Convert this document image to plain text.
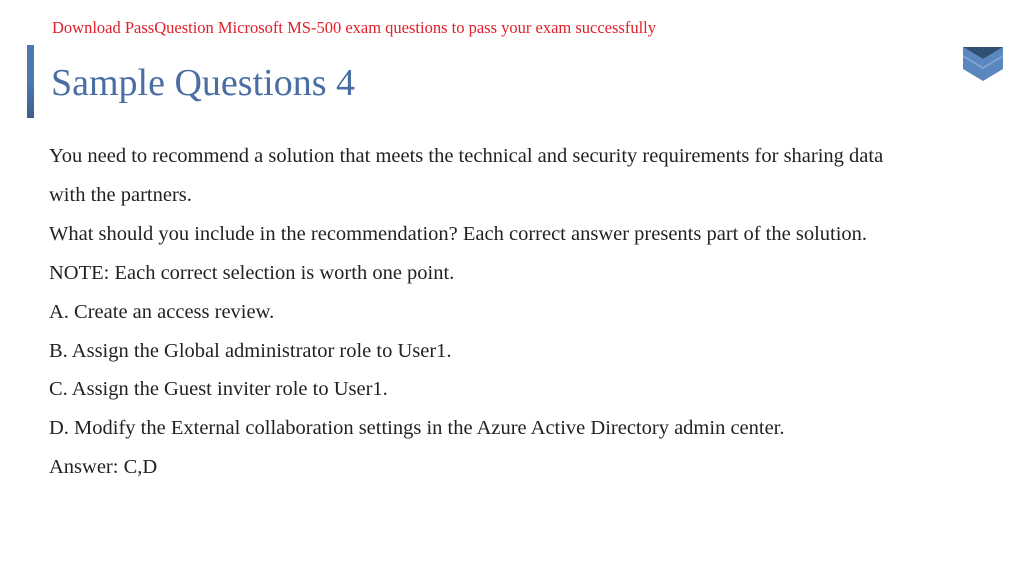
Download PassQuestion Microsoft MS-500 exam questions to pass your exam successfully
Sample Questions 4
You need to recommend a solution that meets the technical and security requirements for sharing data
with the partners.
What should you include in the recommendation? Each correct answer presents part of the solution.
NOTE: Each correct selection is worth one point.
A. Create an access review.
B. Assign the Global administrator role to User1.
C. Assign the Guest inviter role to User1.
D. Modify the External collaboration settings in the Azure Active Directory admin center.
Answer: C,D
